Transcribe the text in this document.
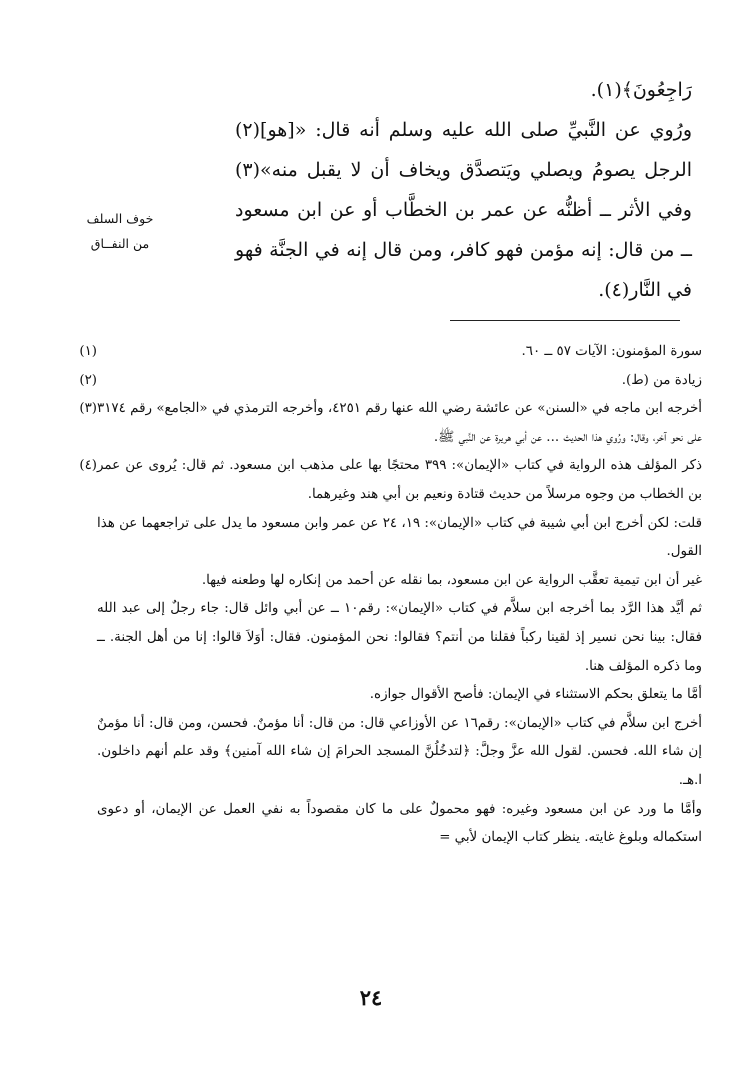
رَاجِعُونَ﴾(١).

ورُوي عن النَّبيِّ صلى الله عليه وسلم أنه قال: «[هو](٢) الرجل يصومُ ويصلي ويَتصدَّق ويخاف أن لا يقبل منه»(٣) وفي الأثر ــ أظنُّه عن عمر بن الخطَّاب أو عن ابن مسعود ــ من قال: إنه مؤمن فهو كافر، ومن قال إنه في الجنَّة فهو في النَّار(٤).

خوف السلف
من النفــاق
(١)	سورة المؤمنون: الآيات ٥٧ ــ ٦٠.

(٢)	زيادة من (ط).

(٣) أخرجه ابن ماجه في «السنن» عن عائشة رضي الله عنها رقم ٤٢٥١، وأخرجه الترمذي في «الجامع» رقم ٣١٧٤ على نحو آخر، وقال: ورُوي هذا الحديث ... عن أبي هريرة عن النَّبي ﷺ.

(٤) ذكر المؤلف هذه الرواية في كتاب «الإيمان»: ٣٩٩ محتجًا بها على مذهب ابن مسعود. ثم قال: يُروى عن عمر بن الخطاب من وجوه مرسلاً من حديث قتادة ونعيم بن أبي هند وغيرهما.

قلت: لكن أخرج ابن أبي شيبة في كتاب «الإيمان»: ١٩، ٢٤ عن عمر وابن مسعود ما يدل على تراجعهما عن هذا القول.

غير أن ابن تيمية تعقَّب الرواية عن ابن مسعود، بما نقله عن أحمد من إنكاره لها وطعنه فيها.

ثم أيَّد هذا الرَّد بما أخرجه ابن سلاَّم في كتاب «الإيمان»: رقم١٠ ــ عن أبي وائل قال: جاء رجلٌ إلى عبد الله فقال: بينا نحن نسير إذ لقينا ركباً فقلنا من أنتم؟ فقالوا: نحن المؤمنون. فقال: أوَلاَ قالوا: إنا من أهل الجنة. ــ وما ذكره المؤلف هنا.

أمَّا ما يتعلق بحكم الاستثناء في الإيمان: فأصح الأقوال جوازه.

أخرج ابن سلاَّم في كتاب «الإيمان»: رقم١٦ عن الأوزاعي قال: من قال: أنا مؤمنٌ. فحسن، ومن قال: أنا مؤمنٌ إن شاء الله. فحسن. لقول الله عزَّ وجلَّ: ﴿لتدخُلُنَّ المسجد الحرامَ إن شاء الله آمنين﴾ وقد علم أنهم داخلون. ا.هـ.

وأمَّا ما ورد عن ابن مسعود وغيره: فهو محمولٌ على ما كان مقصوداً به نفي العمل عن الإيمان، أو دعوى استكماله وبلوغ غايته. ينظر كتاب الإيمان لأبي =

٢٤
